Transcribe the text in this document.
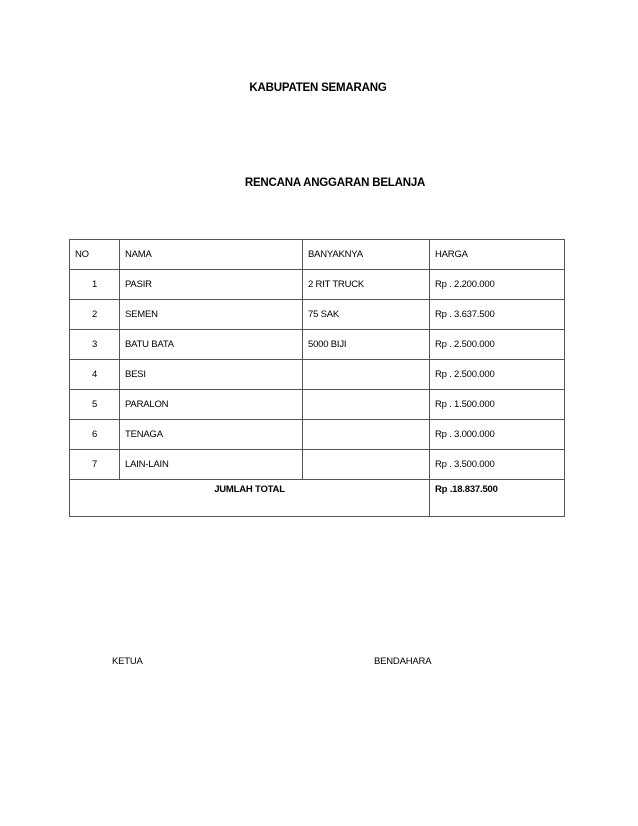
KABUPATEN SEMARANG
RENCANA ANGGARAN BELANJA
NO	NAMA	BANYAKNYA	HARGA
1	PASIR	2 RIT TRUCK	Rp . 2.200.000
2	SEMEN	75 SAK	Rp . 3.637.500
3	BATU BATA	5000 BIJI	Rp . 2.500.000
4	BESI		Rp . 2.500.000
5	PARALON		Rp . 1.500.000
6	TENAGA		Rp . 3.000.000
7	LAIN-LAIN		Rp . 3.500.000
JUMLAH TOTAL			Rp .18.837.500
KETUA	BENDAHARA
